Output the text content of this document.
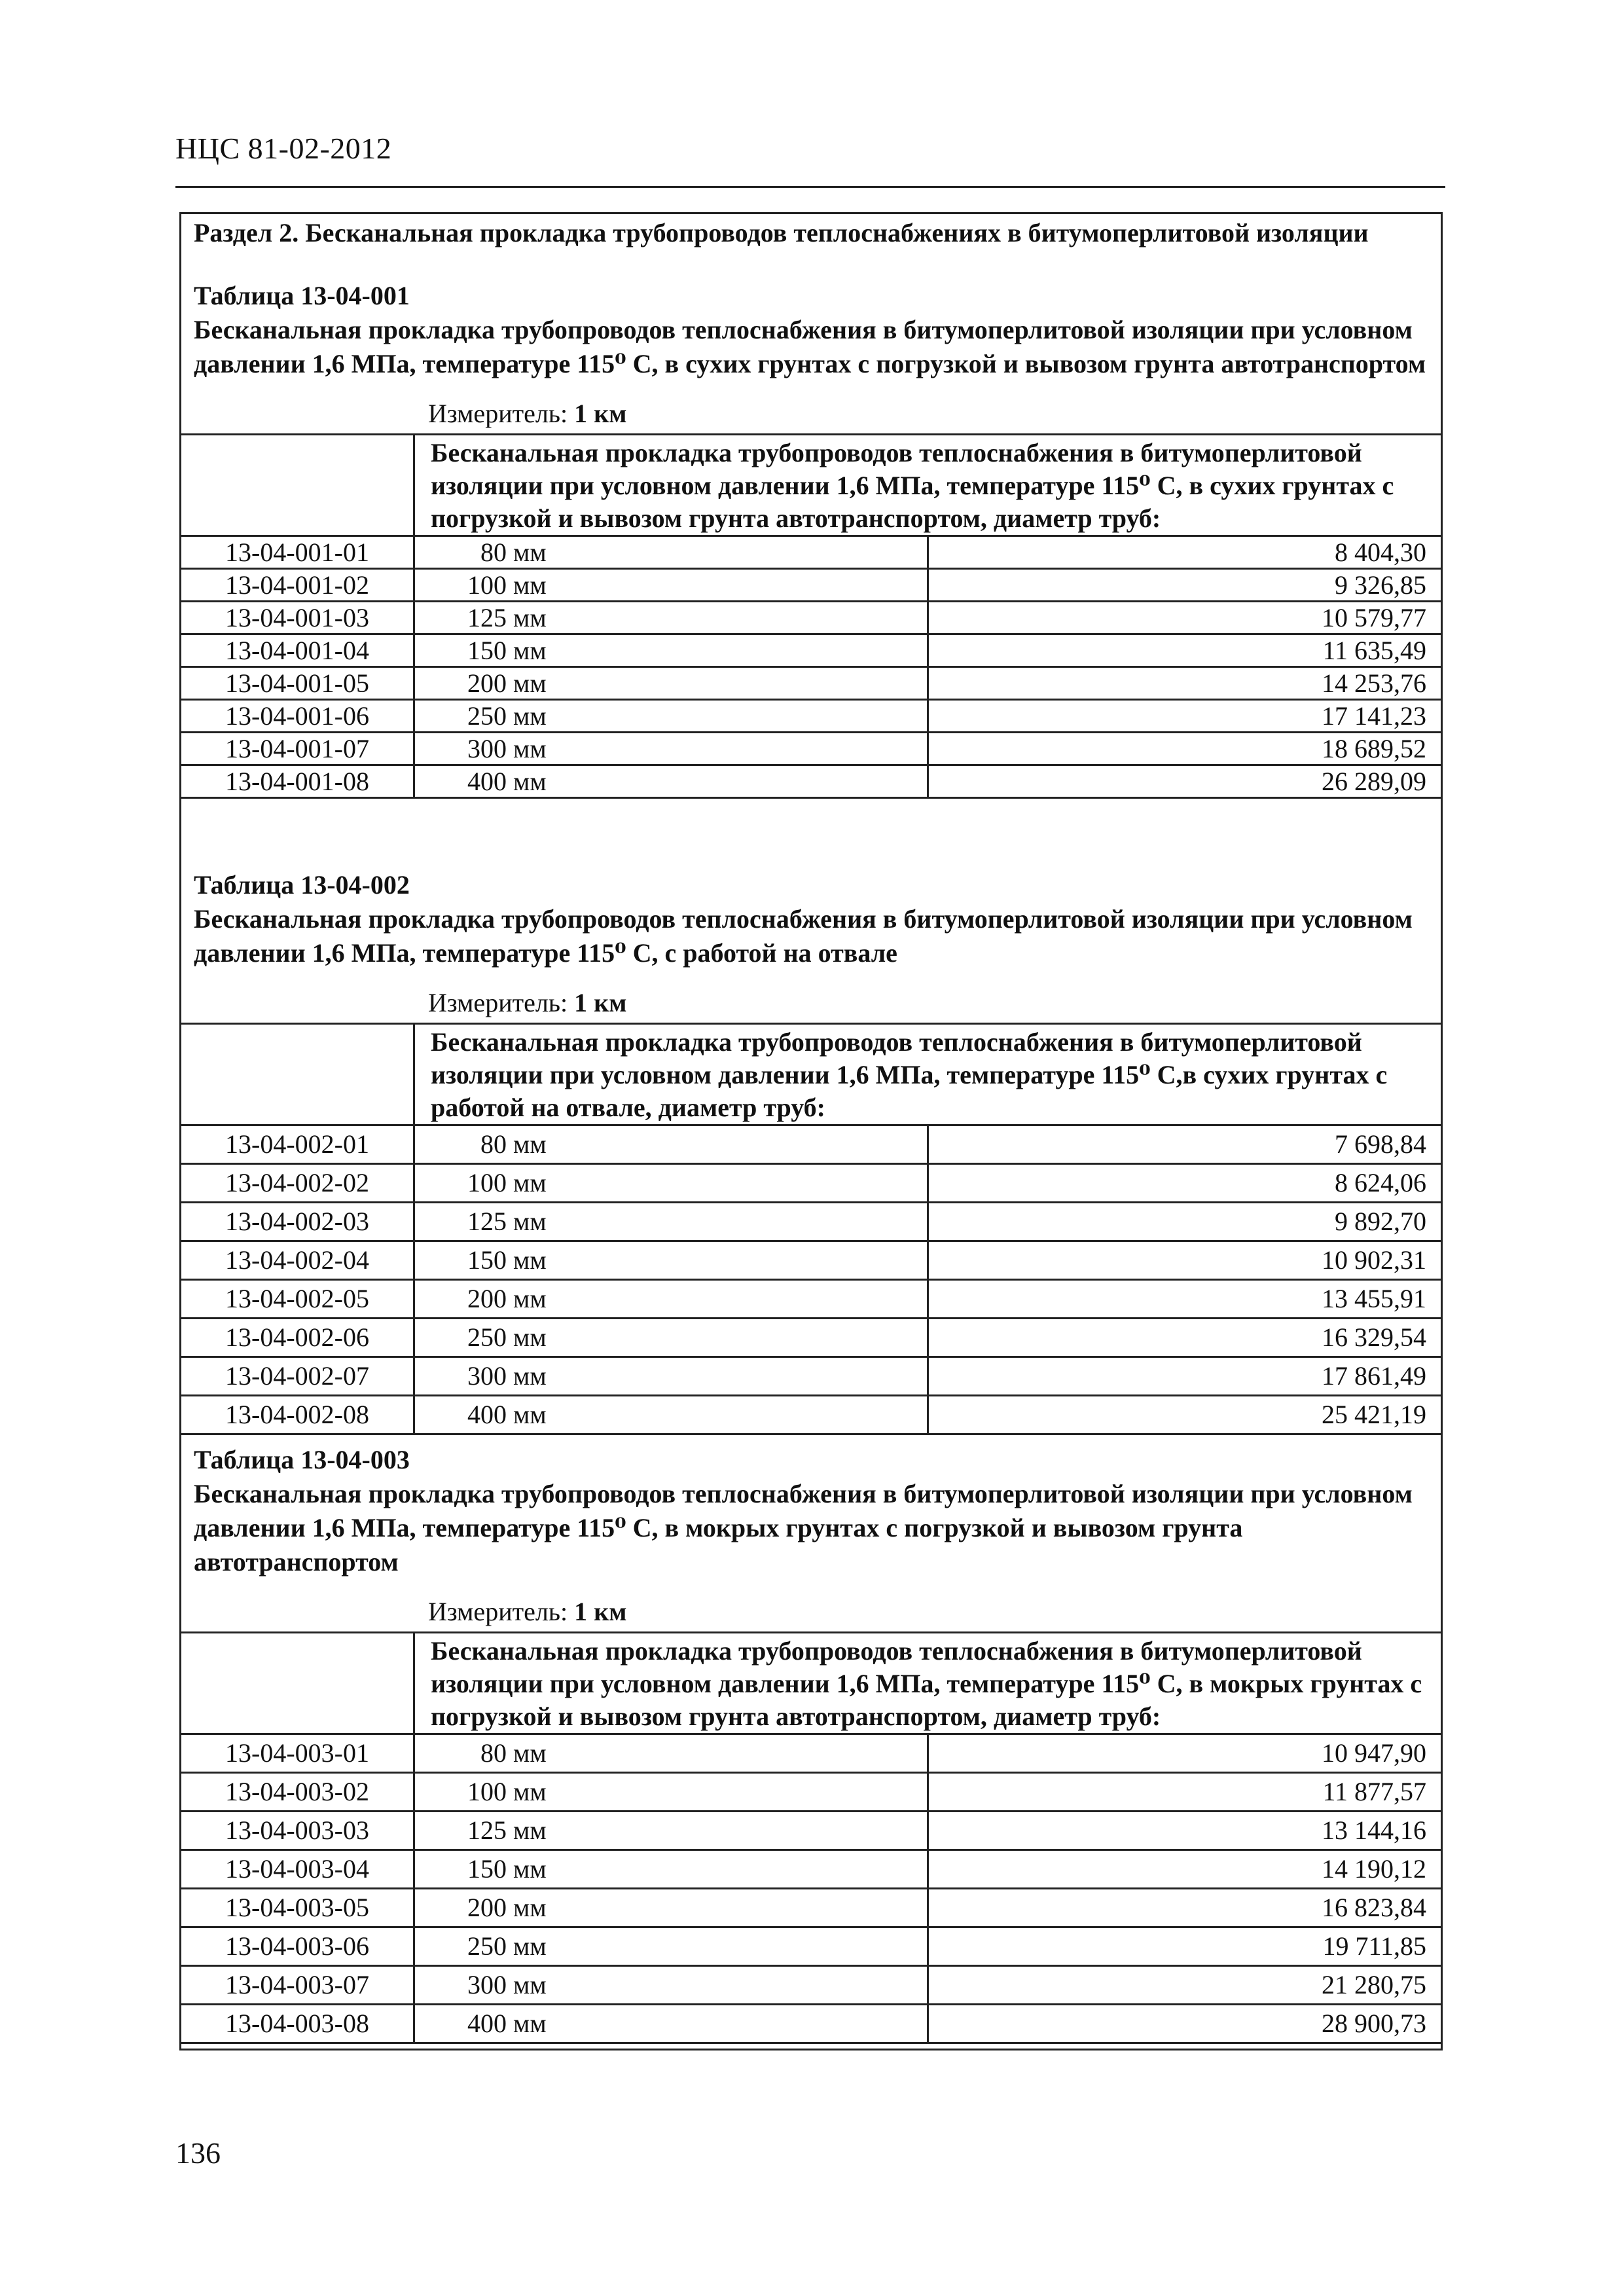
НЦС 81-02-2012
Раздел 2. Бесканальная прокладка трубопроводов теплоснабжениях в битумоперлитовой изоляции
Таблица 13-04-001
Бесканальная прокладка трубопроводов теплоснабжения в битумоперлитовой изоляции при условном давлении 1,6 МПа, температуре 115⁰ С, в сухих грунтах с погрузкой и вывозом грунта автотранспортом
Измеритель: 1 км
	Бесканальная прокладка трубопроводов теплоснабжения в битумоперлитовой изоляции при условном давлении 1,6 МПа, температуре 115⁰ С, в сухих грунтах с погрузкой и вывозом грунта автотранспортом, диаметр труб:	
13-04-001-01	80 мм	8 404,30
13-04-001-02	100 мм	9 326,85
13-04-001-03	125 мм	10 579,77
13-04-001-04	150 мм	11 635,49
13-04-001-05	200 мм	14 253,76
13-04-001-06	250 мм	17 141,23
13-04-001-07	300 мм	18 689,52
13-04-001-08	400 мм	26 289,09
Таблица 13-04-002
Бесканальная прокладка трубопроводов теплоснабжения в битумоперлитовой изоляции при условном давлении 1,6 МПа, температуре 115⁰ С, с работой на отвале
Измеритель: 1 км
	Бесканальная прокладка трубопроводов теплоснабжения в битумоперлитовой изоляции при условном давлении 1,6 МПа, температуре 115⁰ С,в сухих грунтах с работой на отвале, диаметр труб:	
13-04-002-01	80 мм	7 698,84
13-04-002-02	100 мм	8 624,06
13-04-002-03	125 мм	9 892,70
13-04-002-04	150 мм	10 902,31
13-04-002-05	200 мм	13 455,91
13-04-002-06	250 мм	16 329,54
13-04-002-07	300 мм	17 861,49
13-04-002-08	400 мм	25 421,19
Таблица 13-04-003
Бесканальная прокладка трубопроводов теплоснабжения в битумоперлитовой изоляции при условном давлении 1,6 МПа, температуре 115⁰ С, в мокрых грунтах с погрузкой и вывозом грунта автотранспортом
Измеритель: 1 км
	Бесканальная прокладка трубопроводов теплоснабжения в битумоперлитовой изоляции при условном давлении 1,6 МПа, температуре 115⁰ С, в мокрых грунтах с погрузкой и вывозом грунта автотранспортом, диаметр труб:	
13-04-003-01	80 мм	10 947,90
13-04-003-02	100 мм	11 877,57
13-04-003-03	125 мм	13 144,16
13-04-003-04	150 мм	14 190,12
13-04-003-05	200 мм	16 823,84
13-04-003-06	250 мм	19 711,85
13-04-003-07	300 мм	21 280,75
13-04-003-08	400 мм	28 900,73
136
